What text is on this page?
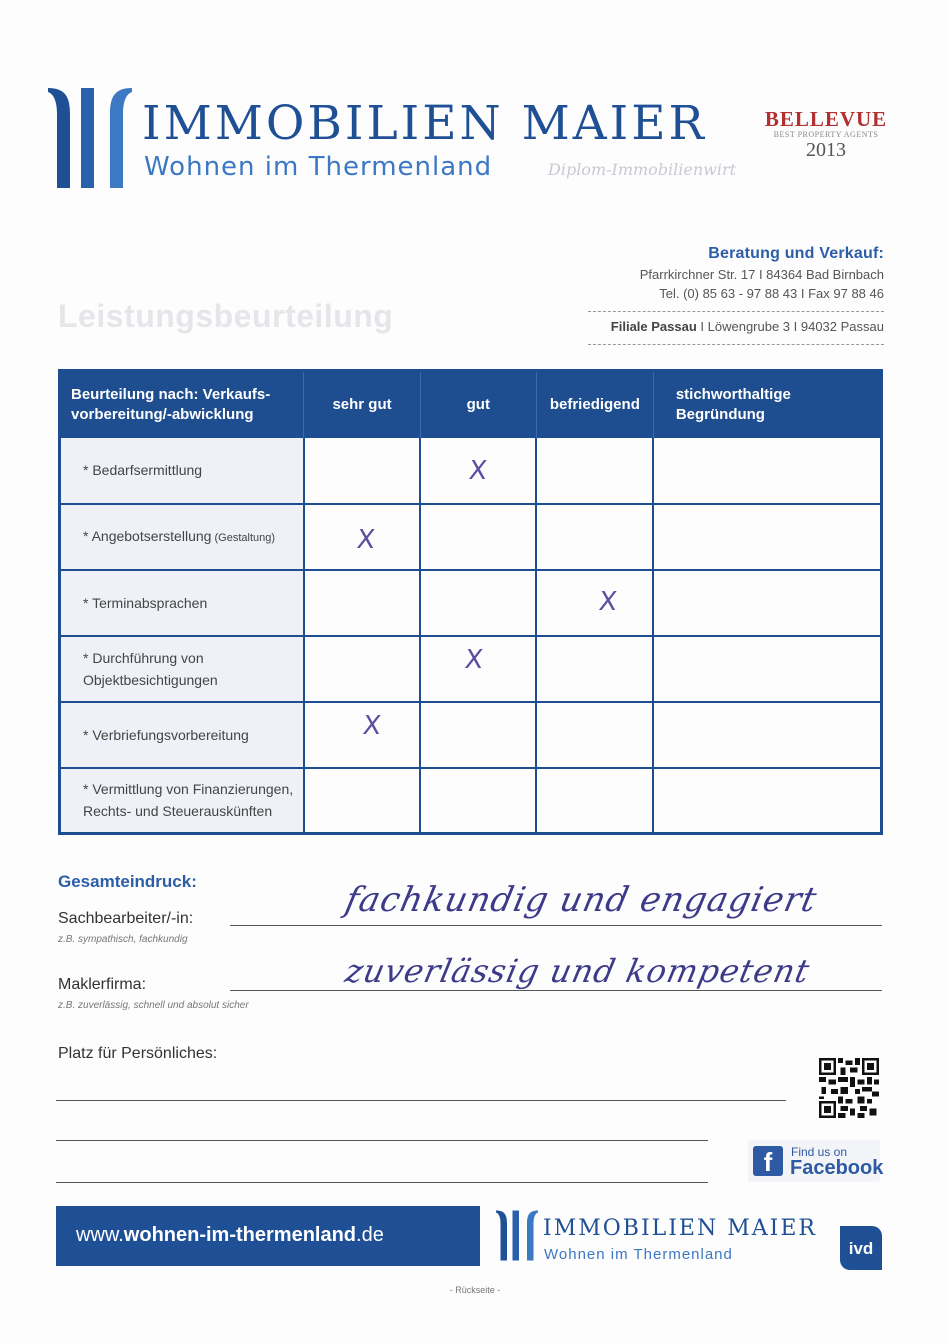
IMMOBILIEN MAIER
Wohnen im Thermenland	Diplom-Immobilienwirt
BELLEVUE
BEST PROPERTY AGENTS
2013
Beratung und Verkauf:
Pfarrkirchner Str. 17 I 84364 Bad Birnbach
Tel. (0) 85 63 - 97 88 43 I Fax 97 88 46
Filiale Passau I Löwengrube 3 I 94032 Passau
Leistungsbeurteilung
Beurteilung nach: Verkaufs-vorbereitung/-abwicklung	sehr gut	gut	befriedigend	stichworthaltige Begründung
* Bedarfsermittlung		X		

* Angebotserstellung (Gestaltung)	X			

* Terminabsprachen			X	

* Durchführung von Objektbesichtigungen		X		

* Verbriefungsvorbereitung	X			

* Vermittlung von Finanzierungen, Rechts- und Steuerauskünften				
Gesamteindruck:
Sachbearbeiter/-in:
z.B. sympathisch, fachkundig
fachkundig und engagiert
Maklerfirma:
z.B. zuverlässig, schnell und absolut sicher
zuverlässig und kompetent
Platz für Persönliches:
f	Find us on
Facebook
www.wohnen-im-thermenland.de	IMMOBILIEN MAIER
Wohnen im Thermenland	ivd
- Rückseite -
